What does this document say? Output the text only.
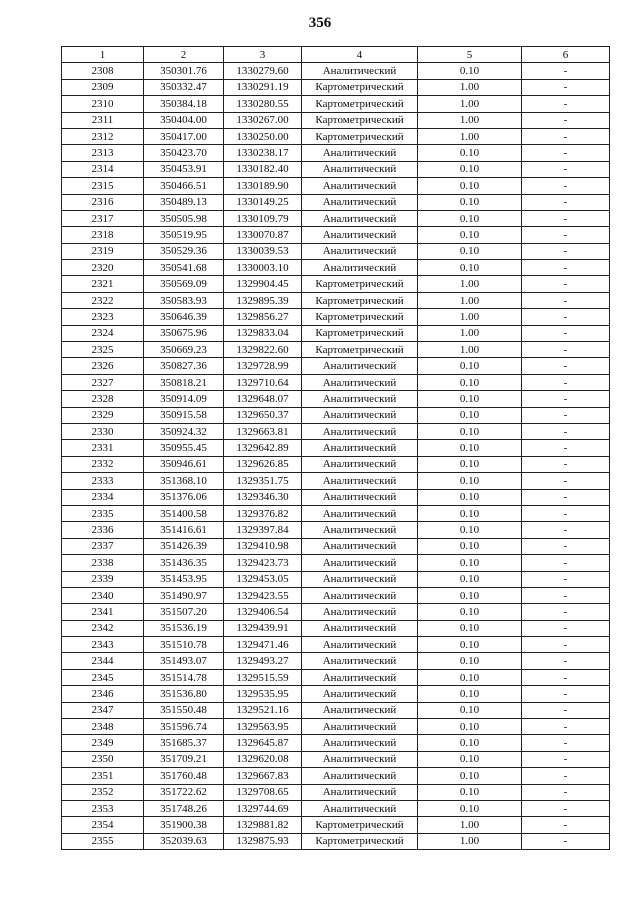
356
1	2	3	4	5	6
2308	350301.76	1330279.60	Аналитический	0.10	-
2309	350332.47	1330291.19	Картометрический	1.00	-
2310	350384.18	1330280.55	Картометрический	1.00	-
2311	350404.00	1330267.00	Картометрический	1.00	-
2312	350417.00	1330250.00	Картометрический	1.00	-
2313	350423.70	1330238.17	Аналитический	0.10	-
2314	350453.91	1330182.40	Аналитический	0.10	-
2315	350466.51	1330189.90	Аналитический	0.10	-
2316	350489.13	1330149.25	Аналитический	0.10	-
2317	350505.98	1330109.79	Аналитический	0.10	-
2318	350519.95	1330070.87	Аналитический	0.10	-
2319	350529.36	1330039.53	Аналитический	0.10	-
2320	350541.68	1330003.10	Аналитический	0.10	-
2321	350569.09	1329904.45	Картометрический	1.00	-
2322	350583.93	1329895.39	Картометрический	1.00	-
2323	350646.39	1329856.27	Картометрический	1.00	-
2324	350675.96	1329833.04	Картометрический	1.00	-
2325	350669.23	1329822.60	Картометрический	1.00	-
2326	350827.36	1329728.99	Аналитический	0.10	-
2327	350818.21	1329710.64	Аналитический	0.10	-
2328	350914.09	1329648.07	Аналитический	0.10	-
2329	350915.58	1329650.37	Аналитический	0.10	-
2330	350924.32	1329663.81	Аналитический	0.10	-
2331	350955.45	1329642.89	Аналитический	0.10	-
2332	350946.61	1329626.85	Аналитический	0.10	-
2333	351368.10	1329351.75	Аналитический	0.10	-
2334	351376.06	1329346.30	Аналитический	0.10	-
2335	351400.58	1329376.82	Аналитический	0.10	-
2336	351416.61	1329397.84	Аналитический	0.10	-
2337	351426.39	1329410.98	Аналитический	0.10	-
2338	351436.35	1329423.73	Аналитический	0.10	-
2339	351453.95	1329453.05	Аналитический	0.10	-
2340	351490.97	1329423.55	Аналитический	0.10	-
2341	351507.20	1329406.54	Аналитический	0.10	-
2342	351536.19	1329439.91	Аналитический	0.10	-
2343	351510.78	1329471.46	Аналитический	0.10	-
2344	351493.07	1329493.27	Аналитический	0.10	-
2345	351514.78	1329515.59	Аналитический	0.10	-
2346	351536.80	1329535.95	Аналитический	0.10	-
2347	351550.48	1329521.16	Аналитический	0.10	-
2348	351596.74	1329563.95	Аналитический	0.10	-
2349	351685.37	1329645.87	Аналитический	0.10	-
2350	351709.21	1329620.08	Аналитический	0.10	-
2351	351760.48	1329667.83	Аналитический	0.10	-
2352	351722.62	1329708.65	Аналитический	0.10	-
2353	351748.26	1329744.69	Аналитический	0.10	-
2354	351900.38	1329881.82	Картометрический	1.00	-
2355	352039.63	1329875.93	Картометрический	1.00	-
